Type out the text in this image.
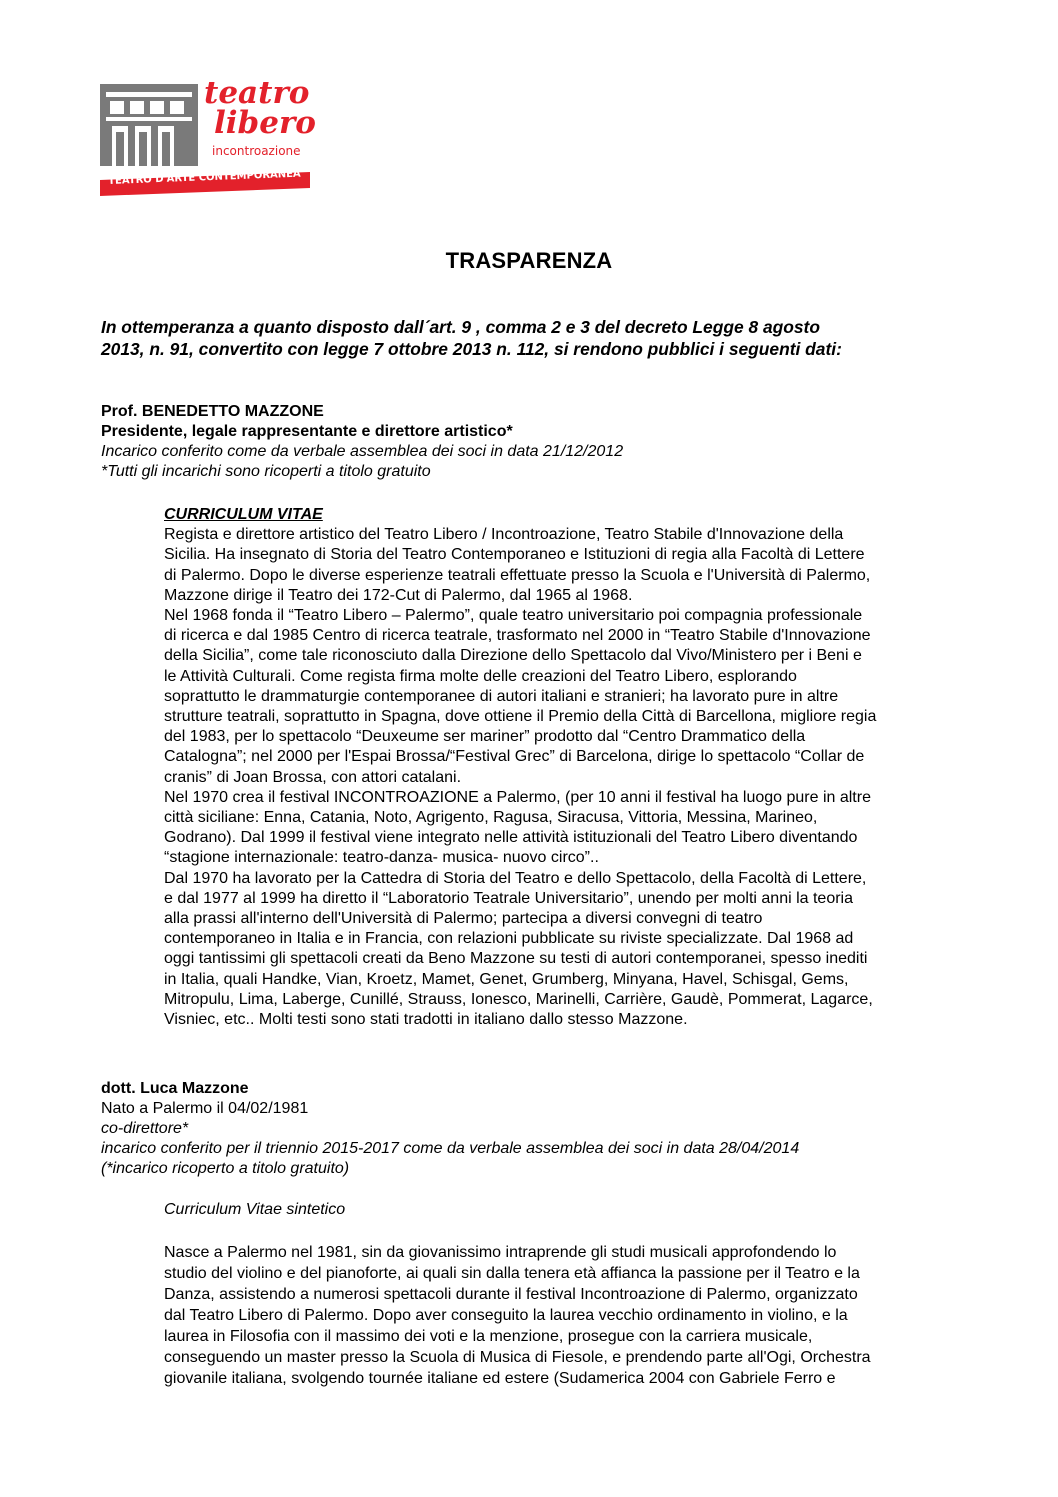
teatro
libero
incontroazione
TEATRO D'ARTE CONTEMPORANEA
TRASPARENZA

In ottemperanza a quanto disposto dall´art. 9 , comma 2 e 3 del decreto Legge 8 agosto

2013, n. 91, convertito con legge 7 ottobre 2013 n. 112, si rendono pubblici i seguenti dati:

Prof. BENEDETTO MAZZONE

Presidente, legale rappresentante e direttore artistico*

Incarico conferito come da verbale assemblea dei soci in data 21/12/2012

*Tutti gli incarichi sono ricoperti a titolo gratuito

CURRICULUM VITAE

Regista e direttore artistico del Teatro Libero / Incontroazione, Teatro Stabile d'Innovazione della

Sicilia. Ha insegnato di Storia del Teatro Contemporaneo e Istituzioni di regia alla Facoltà di Lettere

di Palermo. Dopo le diverse esperienze teatrali effettuate presso la Scuola e l'Università di Palermo,

Mazzone dirige il Teatro dei 172-Cut di Palermo, dal 1965 al 1968.

Nel 1968 fonda il “Teatro Libero – Palermo”, quale teatro universitario poi compagnia professionale

di ricerca e dal 1985 Centro di ricerca teatrale, trasformato nel 2000 in “Teatro Stabile d'Innovazione

della Sicilia”, come tale riconosciuto dalla Direzione dello Spettacolo dal Vivo/Ministero per i Beni e

le Attività Culturali. Come regista firma molte delle creazioni del Teatro Libero, esplorando

soprattutto le drammaturgie contemporanee di autori italiani e stranieri; ha lavorato pure in altre

strutture teatrali, soprattutto in Spagna, dove ottiene il Premio della Città di Barcellona, migliore regia

del 1983, per lo spettacolo “Deuxeume ser mariner” prodotto dal “Centro Drammatico della

Catalogna”; nel 2000 per l'Espai Brossa/“Festival Grec” di Barcelona, dirige lo spettacolo “Collar de

cranis” di Joan Brossa, con attori catalani.

Nel 1970 crea il festival INCONTROAZIONE a Palermo, (per 10 anni il festival ha luogo pure in altre

città siciliane: Enna, Catania, Noto, Agrigento, Ragusa, Siracusa, Vittoria, Messina, Marineo,

Godrano). Dal 1999 il festival viene integrato nelle attività istituzionali del Teatro Libero diventando

“stagione internazionale: teatro-danza- musica- nuovo circo”..

Dal 1970 ha lavorato per la Cattedra di Storia del Teatro e dello Spettacolo, della Facoltà di Lettere,

e dal 1977 al 1999 ha diretto il “Laboratorio Teatrale Universitario”, unendo per molti anni la teoria

alla prassi all'interno dell'Università di Palermo; partecipa a diversi convegni di teatro

contemporaneo in Italia e in Francia, con relazioni pubblicate su riviste specializzate. Dal 1968 ad

oggi tantissimi gli spettacoli creati da Beno Mazzone su testi di autori contemporanei, spesso inediti

in Italia, quali Handke, Vian, Kroetz, Mamet, Genet, Grumberg, Minyana, Havel, Schisgal, Gems,

Mitropulu, Lima, Laberge, Cunillé, Strauss, Ionesco, Marinelli, Carrière, Gaudè, Pommerat, Lagarce,

Visniec, etc.. Molti testi sono stati tradotti in italiano dallo stesso Mazzone.

dott. Luca Mazzone

Nato a Palermo il 04/02/1981

co-direttore*

incarico conferito per il triennio 2015-2017 come da verbale assemblea dei soci in data 28/04/2014

(*incarico ricoperto a titolo gratuito)

Curriculum Vitae sintetico

Nasce a Palermo nel 1981, sin da giovanissimo intraprende gli studi musicali approfondendo lo

studio del violino e del pianoforte, ai quali sin dalla tenera età affianca la passione per il Teatro e la

Danza, assistendo a numerosi spettacoli durante il festival Incontroazione di Palermo, organizzato

dal Teatro Libero di Palermo. Dopo aver conseguito la laurea vecchio ordinamento in violino, e la

laurea in Filosofia con il massimo dei voti e la menzione, prosegue con la carriera musicale,

conseguendo un master presso la Scuola di Musica di Fiesole, e prendendo parte all'Ogi, Orchestra

giovanile italiana, svolgendo tournée italiane ed estere (Sudamerica 2004 con Gabriele Ferro e
